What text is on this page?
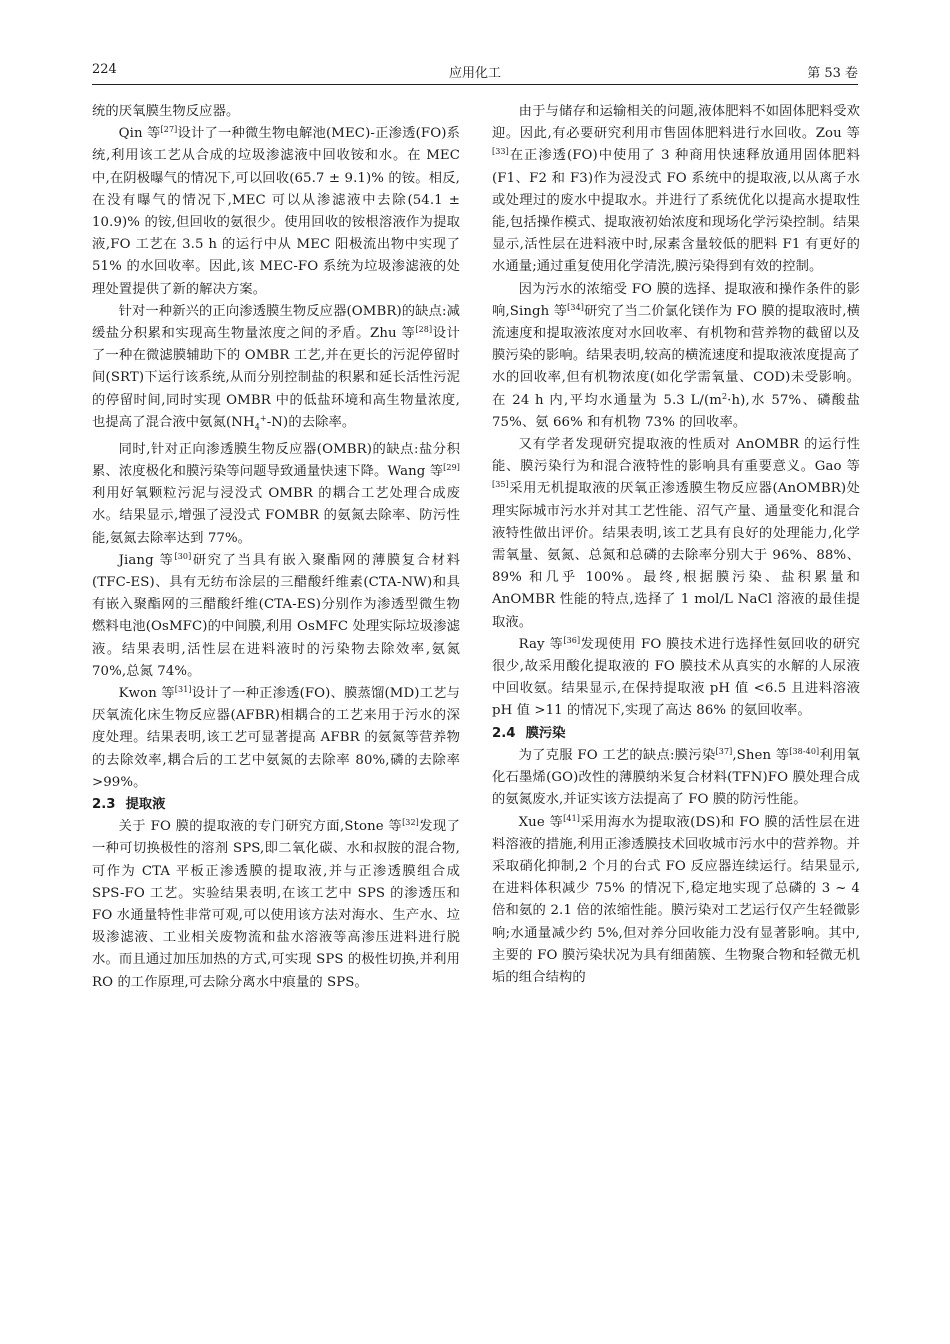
224	应用化工	第 53 卷

统的厌氧膜生物反应器。

Qin 等[27]设计了一种微生物电解池(MEC)-正渗透(FO)系统,利用该工艺从合成的垃圾渗滤液中回收铵和水。在 MEC 中,在阴极曝气的情况下,可以回收(65.7 ± 9.1)% 的铵。相反,在没有曝气的情况下,MEC 可以从渗滤液中去除(54.1 ± 10.9)% 的铵,但回收的氨很少。使用回收的铵根溶液作为提取液,FO 工艺在 3.5 h 的运行中从 MEC 阳极流出物中实现了 51% 的水回收率。因此,该 MEC-FO 系统为垃圾渗滤液的处理处置提供了新的解决方案。

针对一种新兴的正向渗透膜生物反应器(OMBR)的缺点:减缓盐分积累和实现高生物量浓度之间的矛盾。Zhu 等[28]设计了一种在微滤膜辅助下的 OMBR 工艺,并在更长的污泥停留时间(SRT)下运行该系统,从而分别控制盐的积累和延长活性污泥的停留时间,同时实现 OMBR 中的低盐环境和高生物量浓度,也提高了混合液中氨氮$(NH_4^+-N)$的去除率。

同时,针对正向渗透膜生物反应器(OMBR)的缺点:盐分积累、浓度极化和膜污染等问题导致通量快速下降。Wang 等[29]利用好氧颗粒污泥与浸没式 OMBR 的耦合工艺处理合成废水。结果显示,增强了浸没式 FOMBR 的氨氮去除率、防污性能,氨氮去除率达到 77%。

Jiang 等[30]研究了当具有嵌入聚酯网的薄膜复合材料(TFC-ES)、具有无纺布涂层的三醋酸纤维素(CTA-NW)和具有嵌入聚酯网的三醋酸纤维(CTA-ES)分别作为渗透型微生物燃料电池(OsMFC)的中间膜,利用 OsMFC 处理实际垃圾渗滤液。结果表明,活性层在进料液时的污染物去除效率,氨氮 70%,总氮 74%。

Kwon 等[31]设计了一种正渗透(FO)、膜蒸馏(MD)工艺与厌氧流化床生物反应器(AFBR)相耦合的工艺来用于污水的深度处理。结果表明,该工艺可显著提高 AFBR 的氨氮等营养物的去除效率,耦合后的工艺中氨氮的去除率 80%,磷的去除率 >99%。

2.3 提取液

关于 FO 膜的提取液的专门研究方面,Stone 等[32]发现了一种可切换极性的溶剂 SPS,即二氧化碳、水和叔胺的混合物,可作为 CTA 平板正渗透膜的提取液,并与正渗透膜组合成 SPS-FO 工艺。实验结果表明,在该工艺中 SPS 的渗透压和 FO 水通量特性非常可观,可以使用该方法对海水、生产水、垃圾渗滤液、工业相关废物流和盐水溶液等高渗压进料进行脱水。而且通过加压加热的方式,可实现 SPS 的极性切换,并利用 RO 的工作原理,可去除分离水中痕量的 SPS。

由于与储存和运输相关的问题,液体肥料不如固体肥料受欢迎。因此,有必要研究利用市售固体肥料进行水回收。Zou 等[33]在正渗透(FO)中使用了 3 种商用快速释放通用固体肥料(F1、F2 和 F3)作为浸没式 FO 系统中的提取液,以从离子水或处理过的废水中提取水。并进行了系统优化以提高水提取性能,包括操作模式、提取液初始浓度和现场化学污染控制。结果显示,活性层在进料液中时,尿素含量较低的肥料 F1 有更好的水通量;通过重复使用化学清洗,膜污染得到有效的控制。

因为污水的浓缩受 FO 膜的选择、提取液和操作条件的影响,Singh 等[34]研究了当二价氯化镁作为 FO 膜的提取液时,横流速度和提取液浓度对水回收率、有机物和营养物的截留以及膜污染的影响。结果表明,较高的横流速度和提取液浓度提高了水的回收率,但有机物浓度(如化学需氧量、COD)未受影响。在 24 h 内,平均水通量为 5.3 $L/(m^2\cdot h)$,水 57%、磷酸盐 75%、氨 66% 和有机物 73% 的回收率。

又有学者发现研究提取液的性质对 AnOMBR 的运行性能、膜污染行为和混合液特性的影响具有重要意义。Gao 等[35]采用无机提取液的厌氧正渗透膜生物反应器(AnOMBR)处理实际城市污水并对其工艺性能、沼气产量、通量变化和混合液特性做出评价。结果表明,该工艺具有良好的处理能力,化学需氧量、氨氮、总氮和总磷的去除率分别大于 96%、88%、89% 和几乎 100%。最终,根据膜污染、盐积累量和 AnOMBR 性能的特点,选择了 1 mol/L NaCl 溶液的最佳提取液。

Ray 等[36]发现使用 FO 膜技术进行选择性氨回收的研究很少,故采用酸化提取液的 FO 膜技术从真实的水解的人尿液中回收氨。结果显示,在保持提取液 pH 值 <6.5 且进料溶液 pH 值 >11 的情况下,实现了高达 86% 的氨回收率。

2.4 膜污染

为了克服 FO 工艺的缺点:膜污染[37],Shen 等[38-40]利用氧化石墨烯(GO)改性的薄膜纳米复合材料(TFN)FO 膜处理合成的氨氮废水,并证实该方法提高了 FO 膜的防污性能。

Xue 等[41]采用海水为提取液(DS)和 FO 膜的活性层在进料溶液的措施,利用正渗透膜技术回收城市污水中的营养物。并采取硝化抑制,2 个月的台式 FO 反应器连续运行。结果显示,在进料体积减少 75% 的情况下,稳定地实现了总磷的 3 ~ 4 倍和氨的 2.1 倍的浓缩性能。膜污染对工艺运行仅产生轻微影响;水通量减少约 5%,但对养分回收能力没有显著影响。其中,主要的 FO 膜污染状况为具有细菌簇、生物聚合物和轻微无机垢的组合结构的
